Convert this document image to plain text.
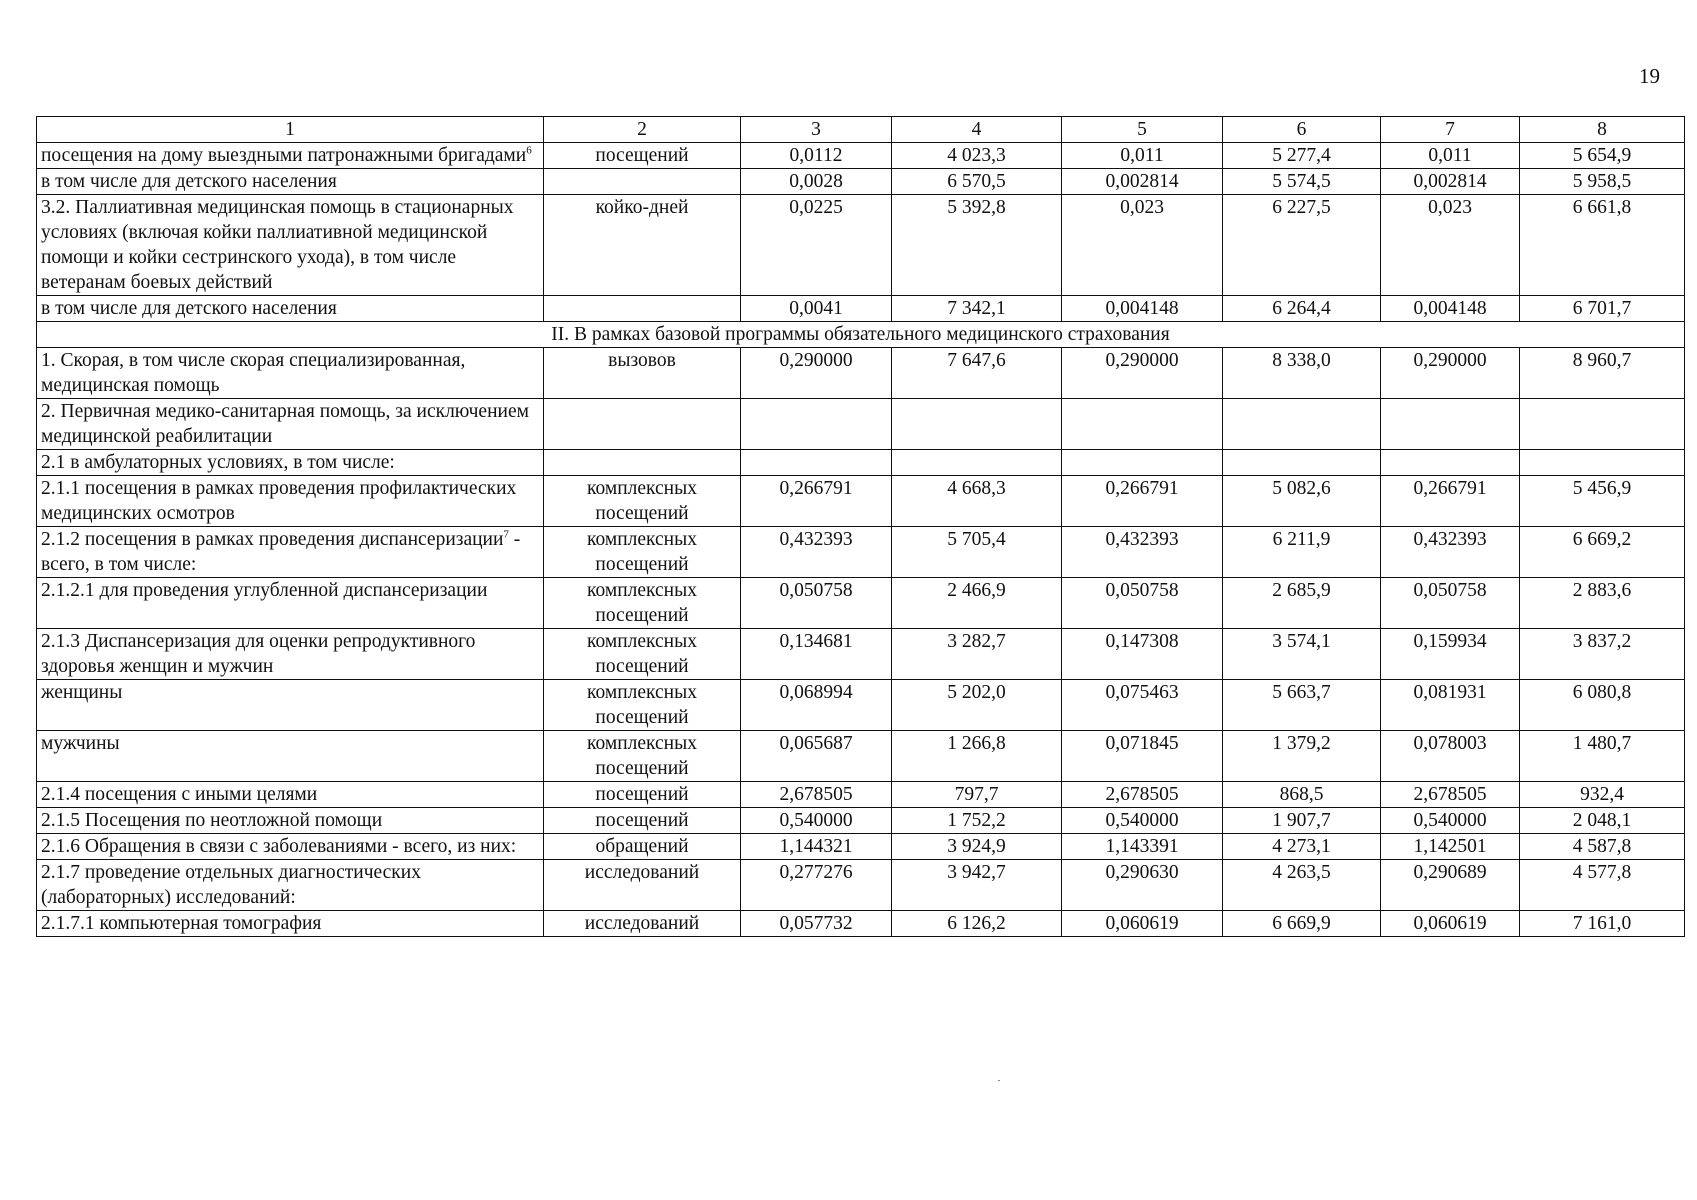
19
1	2	3	4	5	6	7	8
посещения на дому выездными патронажными бригадами$^6$	посещений	0,0112	4 023,3	0,011	5 277,4	0,011	5 654,9
в том числе для детского населения		0,0028	6 570,5	0,002814	5 574,5	0,002814	5 958,5
3.2. Паллиативная медицинская помощь в стационарных условиях (включая койки паллиативной медицинской помощи и койки сестринского ухода), в том числе ветеранам боевых действий	койко-дней	0,0225	5 392,8	0,023	6 227,5	0,023	6 661,8
в том числе для детского населения		0,0041	7 342,1	0,004148	6 264,4	0,004148	6 701,7
II. В рамках базовой программы обязательного медицинского страхования							
1. Скорая, в том числе скорая специализированная, медицинская помощь	вызовов	0,290000	7 647,6	0,290000	8 338,0	0,290000	8 960,7
2. Первичная медико-санитарная помощь, за исключением медицинской реабилитации							
2.1 в амбулаторных условиях, в том числе:							
2.1.1 посещения в рамках проведения профилактических медицинских осмотров	комплексных посещений	0,266791	4 668,3	0,266791	5 082,6	0,266791	5 456,9
2.1.2 посещения в рамках проведения диспансеризации$^7$ - всего, в том числе:	комплексных посещений	0,432393	5 705,4	0,432393	6 211,9	0,432393	6 669,2
2.1.2.1 для проведения углубленной диспансеризации	комплексных посещений	0,050758	2 466,9	0,050758	2 685,9	0,050758	2 883,6
2.1.3 Диспансеризация для оценки репродуктивного здоровья женщин и мужчин	комплексных посещений	0,134681	3 282,7	0,147308	3 574,1	0,159934	3 837,2
женщины	комплексных посещений	0,068994	5 202,0	0,075463	5 663,7	0,081931	6 080,8
мужчины	комплексных посещений	0,065687	1 266,8	0,071845	1 379,2	0,078003	1 480,7
2.1.4 посещения с иными целями	посещений	2,678505	797,7	2,678505	868,5	2,678505	932,4
2.1.5 Посещения по неотложной помощи	посещений	0,540000	1 752,2	0,540000	1 907,7	0,540000	2 048,1
2.1.6 Обращения в связи с заболеваниями - всего, из них:	обращений	1,144321	3 924,9	1,143391	4 273,1	1,142501	4 587,8
2.1.7 проведение отдельных диагностических (лабораторных) исследований:	исследований	0,277276	3 942,7	0,290630	4 263,5	0,290689	4 577,8
2.1.7.1 компьютерная томография	исследований	0,057732	6 126,2	0,060619	6 669,9	0,060619	7 161,0
